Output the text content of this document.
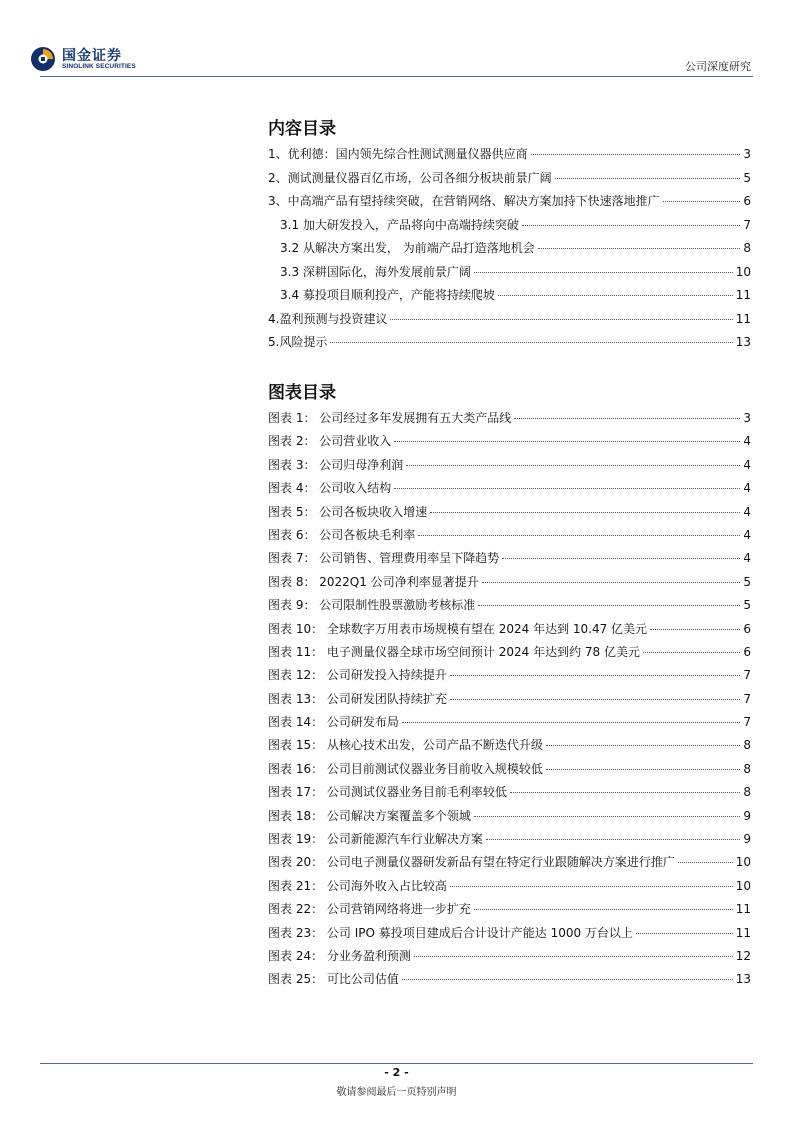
国金证券
SINOLINK SECURITIES	公司深度研究
内容目录
1、优利德：国内领先综合性测试测量仪器供应商	3
2、测试测量仪器百亿市场，公司各细分板块前景广阔	5
3、中高端产品有望持续突破，在营销网络、解决方案加持下快速落地推广	6
3.1 加大研发投入，产品将向中高端持续突破	7
3.2 从解决方案出发， 为前端产品打造落地机会	8
3.3 深耕国际化，海外发展前景广阔	10
3.4 募投项目顺利投产，产能将持续爬坡	11
4.盈利预测与投资建议	11
5.风险提示	13
图表目录
图表 1： 公司经过多年发展拥有五大类产品线	3
图表 2： 公司营业收入	4
图表 3： 公司归母净利润	4
图表 4： 公司收入结构	4
图表 5： 公司各板块收入增速	4
图表 6： 公司各板块毛利率	4
图表 7： 公司销售、管理费用率呈下降趋势	4
图表 8： 2022Q1 公司净利率显著提升	5
图表 9： 公司限制性股票激励考核标准	5
图表 10： 全球数字万用表市场规模有望在 2024 年达到 10.47 亿美元	6
图表 11： 电子测量仪器全球市场空间预计 2024 年达到约 78 亿美元	6
图表 12： 公司研发投入持续提升	7
图表 13： 公司研发团队持续扩充	7
图表 14： 公司研发布局	7
图表 15： 从核心技术出发，公司产品不断迭代升级	8
图表 16： 公司目前测试仪器业务目前收入规模较低	8
图表 17： 公司测试仪器业务目前毛利率较低	8
图表 18： 公司解决方案覆盖多个领域	9
图表 19： 公司新能源汽车行业解决方案	9
图表 20： 公司电子测量仪器研发新品有望在特定行业跟随解决方案进行推广	10
图表 21： 公司海外收入占比较高	10
图表 22： 公司营销网络将进一步扩充	11
图表 23： 公司 IPO 募投项目建成后合计设计产能达 1000 万台以上	11
图表 24： 分业务盈利预测	12
图表 25： 可比公司估值	13
- 2 -
敬请参阅最后一页特别声明
